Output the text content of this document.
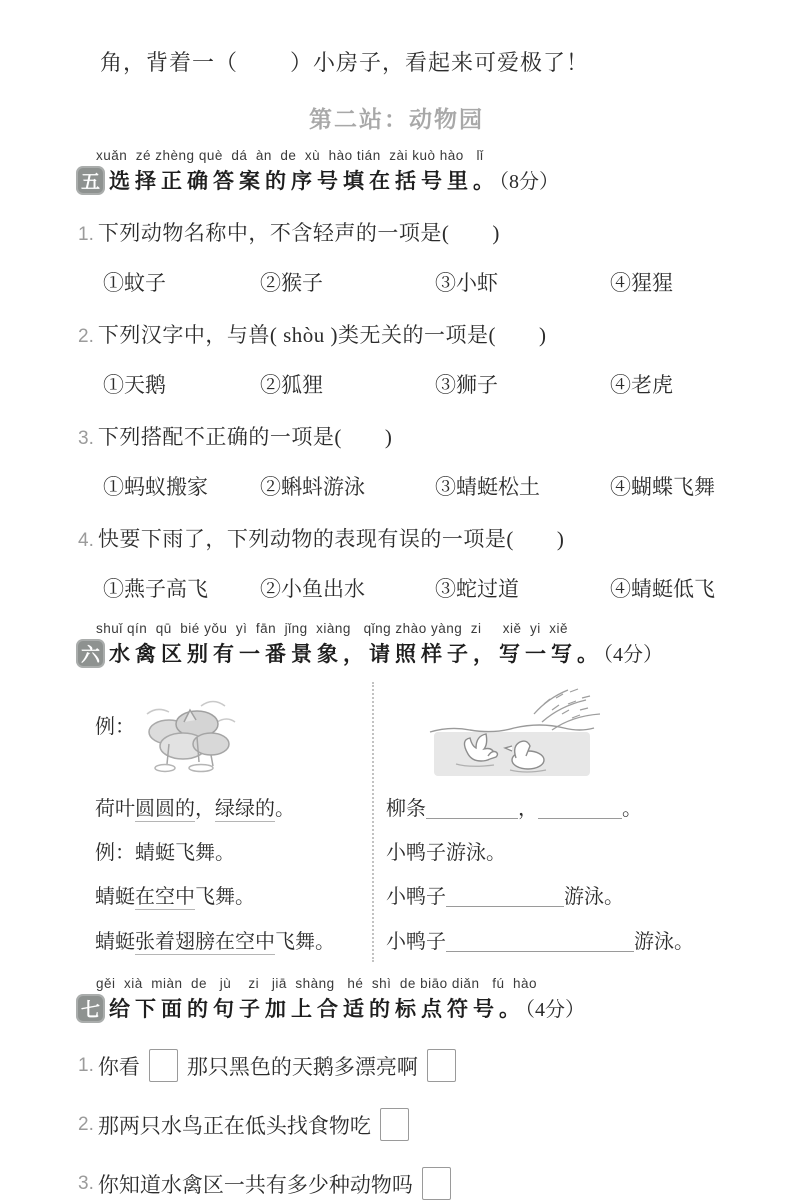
角，背着一（ ）小房子，看起来可爱极了！
第二站：动物园
xuǎn  zé zhèng què  dá  àn  de  xù  hào tián  zài kuò hào   lǐ
五 选择正确答案的序号填在括号里。（8分）
1. 下列动物名称中，不含轻声的一项是(　　)
①蚊子	②猴子	③小虾	④猩猩
2. 下列汉字中，与兽( shòu )类无关的一项是(　　)
①天鹅	②狐狸	③狮子	④老虎
3. 下列搭配不正确的一项是(　　)
①蚂蚁搬家	②蝌蚪游泳	③蜻蜓松土	④蝴蝶飞舞
4. 快要下雨了，下列动物的表现有误的一项是(　　)
①燕子高飞	②小鱼出水	③蛇过道	④蜻蜓低飞
shuǐ qín  qū  bié yǒu  yì  fān  jǐng  xiàng   qǐng zhào yàng  zi     xiě  yi  xiě
六 水禽区别有一番景象，请照样子，写一写。（4分）
例：
荷叶圆圆的，绿绿的。	柳条	，	。
例：蜻蜓飞舞。	小鸭子游泳。
蜻蜓在空中飞舞。	小鸭子	游泳。
蜻蜓张着翅膀在空中飞舞。	小鸭子	游泳。
gěi  xià  miàn  de   jù    zi   jiā  shàng   hé  shì  de biāo diǎn   fú  hào
七 给下面的句子加上合适的标点符号。（4分）
1. 你看 那只黑色的天鹅多漂亮啊
2. 那两只水鸟正在低头找食物吃
3. 你知道水禽区一共有多少种动物吗
